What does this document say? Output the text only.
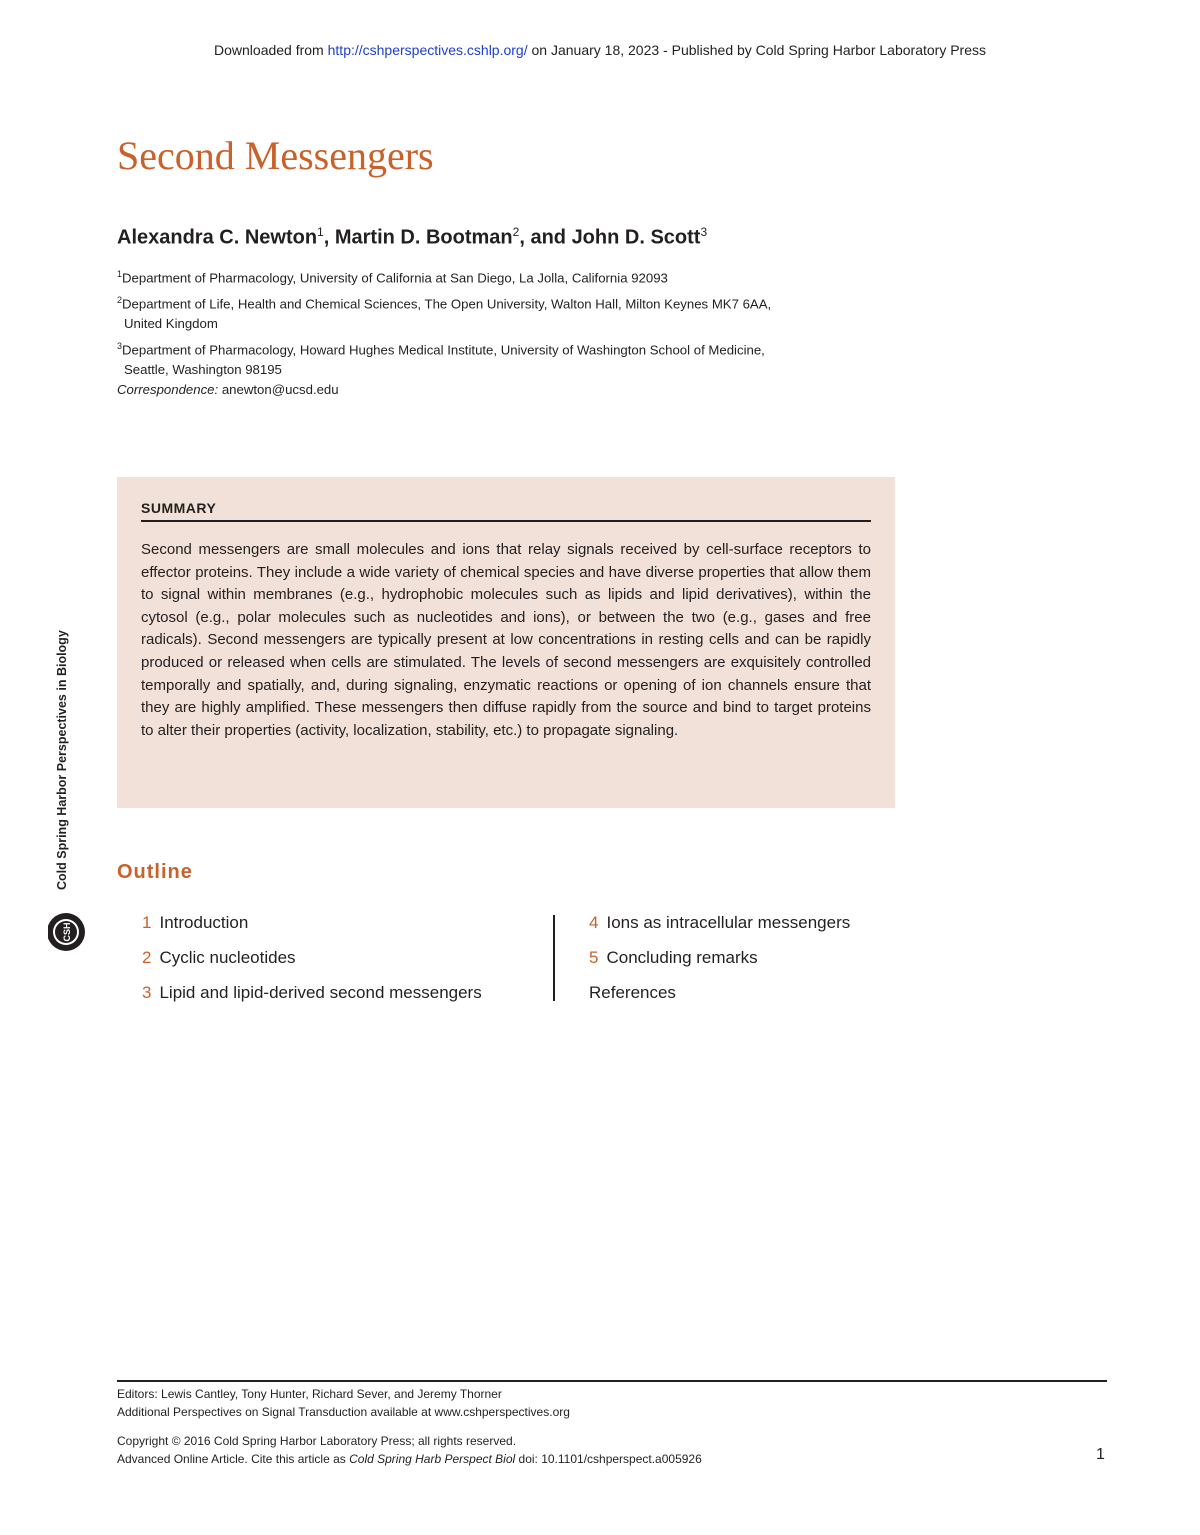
Downloaded from http://cshperspectives.cshlp.org/ on January 18, 2023 - Published by Cold Spring Harbor Laboratory Press
Second Messengers
Alexandra C. Newton$^1$, Martin D. Bootman$^2$, and John D. Scott$^3$
$^1$Department of Pharmacology, University of California at San Diego, La Jolla, California 92093
$^2$Department of Life, Health and Chemical Sciences, The Open University, Walton Hall, Milton Keynes MK7 6AA,
United Kingdom
$^3$Department of Pharmacology, Howard Hughes Medical Institute, University of Washington School of Medicine,
Seattle, Washington 98195
Correspondence: anewton@ucsd.edu
SUMMARY
Second messengers are small molecules and ions that relay signals received by cell-surface receptors to effector proteins. They include a wide variety of chemical species and have diverse properties that allow them to signal within membranes (e.g., hydrophobic molecules such as lipids and lipid derivatives), within the cytosol (e.g., polar molecules such as nucleotides and ions), or between the two (e.g., gases and free radicals). Second messengers are typically present at low concentrations in resting cells and can be rapidly produced or released when cells are stimulated. The levels of second messengers are exquisitely controlled temporally and spatially, and, during signaling, enzymatic reactions or opening of ion channels ensure that they are highly amplified. These messengers then diffuse rapidly from the source and bind to target proteins to alter their properties (activity, localization, stability, etc.) to propagate signaling.
Cold Spring Harbor Perspectives in Biology
CSH
Outline
1 Introduction
2 Cyclic nucleotides
3 Lipid and lipid-derived second messengers
4 Ions as intracellular messengers
5 Concluding remarks
References
Editors: Lewis Cantley, Tony Hunter, Richard Sever, and Jeremy Thorner
Additional Perspectives on Signal Transduction available at www.cshperspectives.org
Copyright © 2016 Cold Spring Harbor Laboratory Press; all rights reserved.
Advanced Online Article. Cite this article as Cold Spring Harb Perspect Biol doi: 10.1101/cshperspect.a005926	1
